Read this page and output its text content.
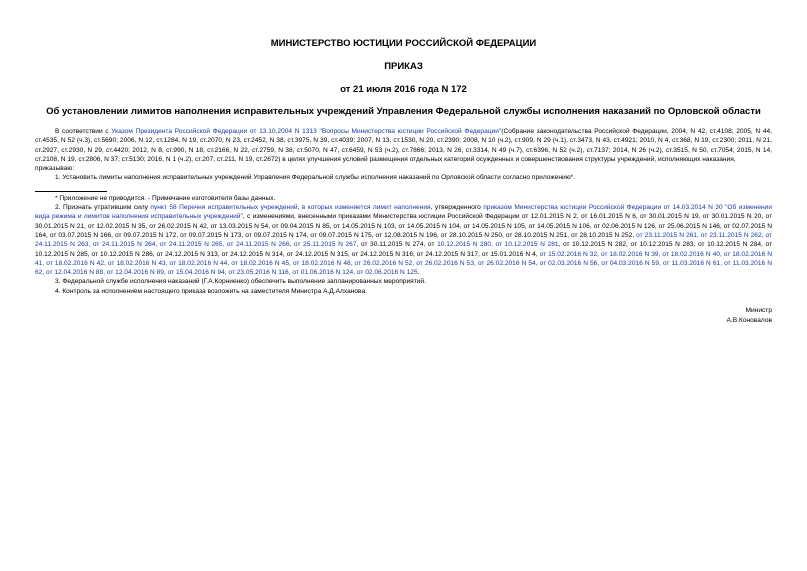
МИНИСТЕРСТВО ЮСТИЦИИ РОССИЙСКОЙ ФЕДЕРАЦИИ
ПРИКАЗ
от 21 июля 2016 года N 172
Об установлении лимитов наполнения исправительных учреждений Управления Федеральной службы исполнения наказаний по Орловской области

В соответствии с Указом Президента Российской Федерации от 13.10.2004 N 1313 "Вопросы Министерства юстиции Российской Федерации"(Собрание законодательства Российской Федерации, 2004, N 42, ст.4108; 2005, N 44, ст.4535, N 52 (ч.3), ст.5690; 2006, N 12, ст.1284, N 19, ст.2070, N 23, ст.2452, N 38, ст.3975, N 39, ст.4039; 2007, N 13, ст.1530, N 20, ст.2390; 2008, N 10 (ч.2), ст.909, N 29 (ч.1), ст.3473, N 43, ст.4921; 2010, N 4, ст.368, N 19, ст.2300; 2011, N 21, ст.2927, ст.2930, N 29, ст.4420; 2012, N 8, ст.990, N 18, ст.2166, N 22, ст.2759, N 38, ст.5070, N 47, ст.6459, N 53 (ч.2), ст.7866; 2013, N 26, ст.3314, N 49 (ч.7), ст.6396, N 52 (ч.2), ст.7137; 2014, N 26 (ч.2), ст.3515, N 50, ст.7054; 2015, N 14, ст.2108, N 19, ст.2806, N 37, ст.5130; 2016, N 1 (ч.2), ст.207, ст.211, N 19, ст.2672) в целях улучшения условий размещения отдельных категорий осужденных и совершенствования структуры учреждений, исполняющих наказания,

приказываю:

1. Установить лимиты наполнения исправительных учреждений Управления Федеральной службы исполнения наказаний по Орловской области согласно приложению*.

* Приложение не приводится. - Примечание изготовителя базы данных.

2. Признать утратившим силу пункт 58 Перечня исправительных учреждений, в которых изменяется лимит наполнения, утвержденного приказом Министерства юстиции Российской Федерации от 14.03.2014 N 30 "Об изменении вида режима и лимитов наполнения исправительных учреждений", с изменениями, внесенными приказами Министерства юстиции Российской Федерации от 12.01.2015 N 2, от 16.01.2015 N 6, от 30.01.2015 N 19, от 30.01.2015 N 20, от 30.01.2015 N 21, от 12.02.2015 N 35, от 26.02.2015 N 42, от 13.03.2015 N 54, от 09.04.2015 N 85, от 14.05.2015 N 103, от 14.05.2015 N 104, от 14.05.2015 N 105, от 14.05.2015 N 106, от 02.06.2015 N 126, от 25.06.2015 N 146, от 02.07.2015 N 164, от 03.07.2015 N 166, от 09.07.2015 N 172, от 09.07.2015 N 173, от 09.07.2015 N 174, от 09.07.2015 N 175, от 12.08.2015 N 196, от 28.10.2015 N 250, от 28.10.2015 N 251, от 28.10.2015 N 252, от 23.11.2015 N 261, от 23.11.2015 N 262, от 24.11.2015 N 263, от 24.11.2015 N 264, от 24.11.2015 N 265, от 24.11.2015 N 266, от 25.11.2015 N 267, от 30.11.2015 N 274, от 10.12.2015 N 280, от 10.12.2015 N 281, от 10.12.2015 N 282, от 10.12.2015 N 283, от 10.12.2015 N 284, от 10.12.2015 N 285, от 10.12.2015 N 286, от 24.12.2015 N 313, от 24.12.2015 N 314, от 24.12.2015 N 315, от 24.12.2015 N 316, от 24.12.2015 N 317, от 15.01.2016 N 4, от 15.02.2016 N 32, от 18.02.2016 N 39, от 18.02.2016 N 40, от 18.02.2016 N 41, от 18.02.2016 N 42, от 18.02.2016 N 43, от 18.02.2016 N 44, от 18.02.2016 N 45, от 18.02.2016 N 46, от 26.02.2016 N 52, от 26.02.2016 N 53, от 26.02.2016 N 54, от 02.03.2016 N 56, от 04.03.2016 N 59, от 11.03.2016 N 61, от 11.03.2016 N 62, от 12.04.2016 N 88, от 12.04.2016 N 89, от 15.04.2016 N 94, от 23.05.2016 N 116, от 01.06.2016 N 124, от 02.06.2016 N 125.

3. Федеральной службе исполнения наказаний (Г.А.Корниенко) обеспечить выполнение запланированных мероприятий.

4. Контроль за исполнением настоящего приказа возложить на заместителя Министра А.Д.Алханова.

Министр
А.В.Коновалов
